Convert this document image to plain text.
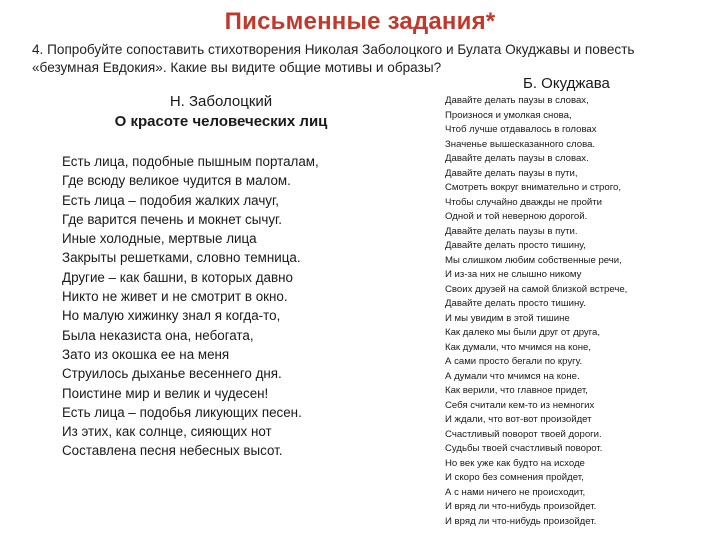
Письменные задания*
4. Попробуйте сопоставить стихотворения Николая Заболоцкого и Булата Окуджавы и повесть «безумная Евдокия». Какие вы видите общие мотивы и образы?
Н. Заболоцкий
О красоте человеческих лиц
Есть лица, подобные пышным порталам,
Где всюду великое чудится в малом.
Есть лица – подобия жалких лачуг,
Где варится печень и мокнет сычуг.
Иные холодные, мертвые лица
Закрыты решетками, словно темница.
Другие – как башни, в которых давно
Никто не живет и не смотрит в окно.
Но малую хижинку знал я когда-то,
Была неказиста она, небогата,
Зато из окошка ее на меня
Струилось дыханье весеннего дня.
Поистине мир и велик и чудесен!
Есть лица – подобья ликующих песен.
Из этих, как солнце, сияющих нот
Составлена песня небесных высот.
Б. Окуджава
Давайте делать паузы в словах,
Произнося и умолкая снова,
Чтоб лучше отдавалось в головах
Значенье вышесказанного слова.
Давайте делать паузы в словах.
Давайте делать паузы в пути,
Смотреть вокруг внимательно и строго,
Чтобы случайно дважды не пройти
Одной и той неверною дорогой.
Давайте делать паузы в пути.
Давайте делать просто тишину,
Мы слишком любим собственные речи,
И из-за них не слышно никому
Своих друзей на самой близкой встрече,
Давайте делать просто тишину.
И мы увидим в этой тишине
Как далеко мы были друг от друга,
Как думали, что мчимся на коне,
А сами просто бегали по кругу.
А думали что мчимся на коне.
Как верили, что главное придет,
Себя считали кем-то из немногих
И ждали, что вот-вот произойдет
Счастливый поворот твоей дороги.
Судьбы твоей счастливый поворот.
Но век уже как будто на исходе
И скоро без сомнения пройдет,
А с нами ничего не происходит,
И вряд ли что-нибудь произойдет.
И вряд ли что-нибудь произойдет.
